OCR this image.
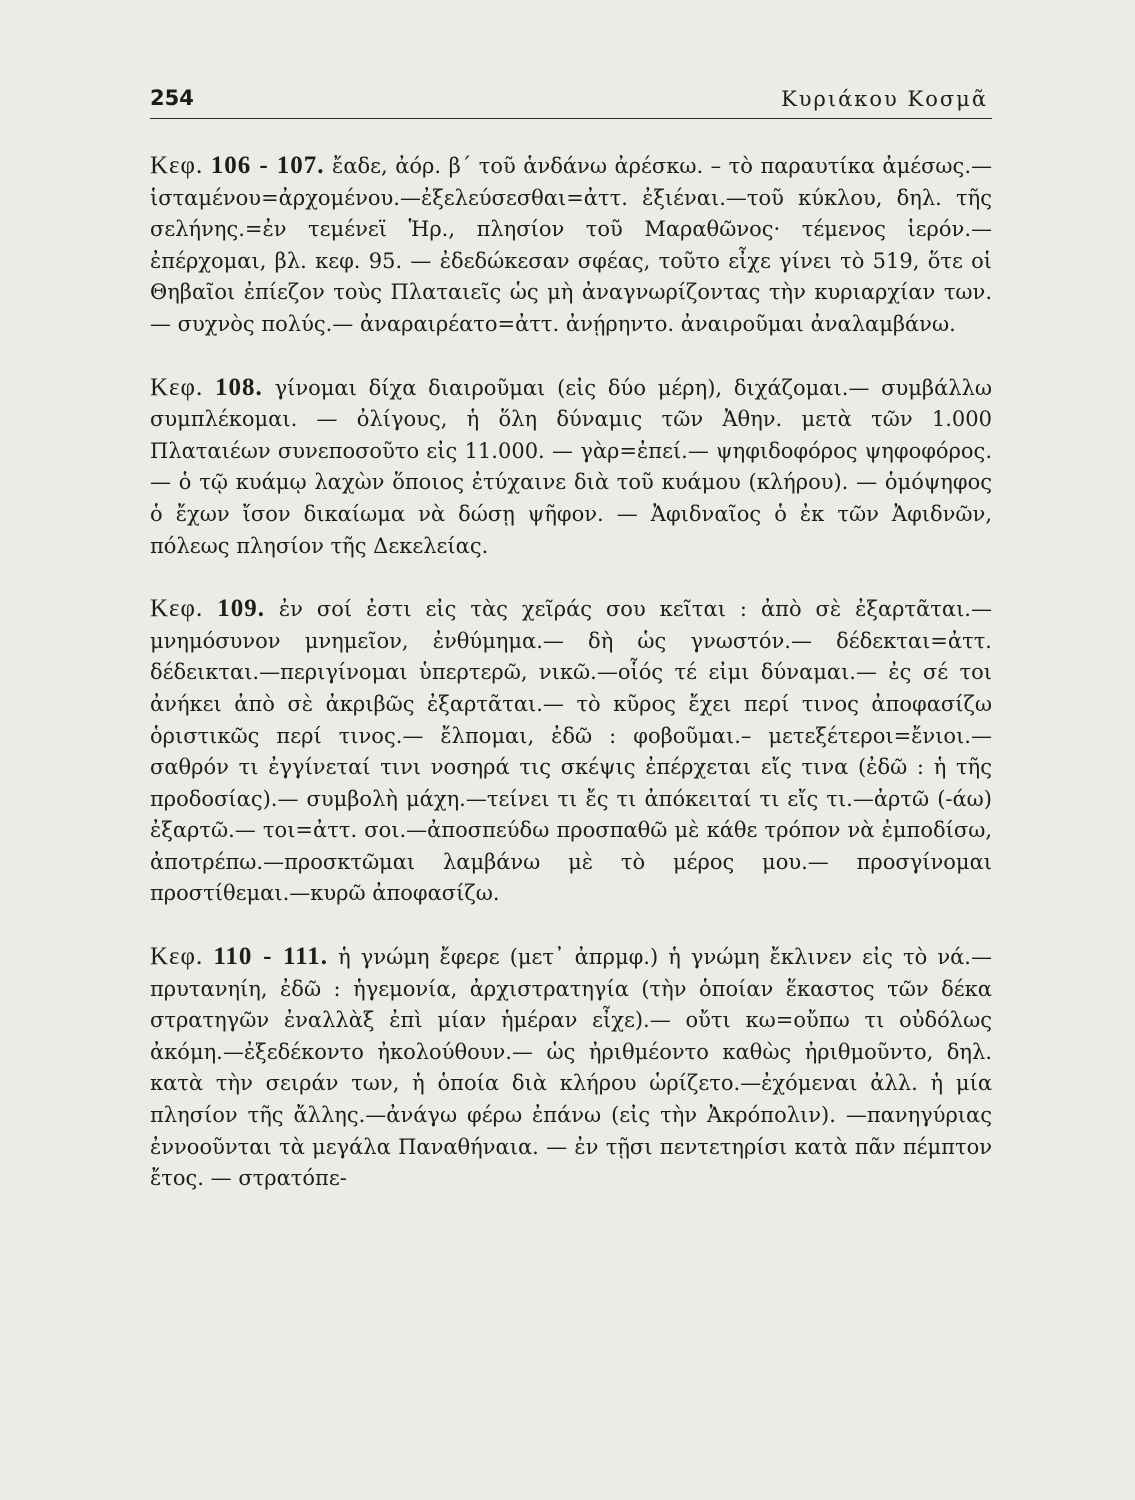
254	Κυριάκου Κοσμᾶ

Κεφ. 106 - 107. ἔαδε, ἀόρ. β΄ τοῦ ἁνδάνω ἀρέσκω. – τὸ παραυτίκα ἀμέσως.—ἱσταμένου=ἀρχομένου.—ἐξελεύσεσθαι=ἀττ. ἐξιέναι.—τοῦ κύκλου, δηλ. τῆς σελήνης.=ἐν τεμένεϊ Ἡρ., πλησίον τοῦ Μαραθῶνος· τέμενος ἱερόν.—ἐπέρχομαι, βλ. κεφ. 95. — ἐδεδώκεσαν σφέας, τοῦτο εἶχε γίνει τὸ 519, ὅτε οἱ Θηβαῖοι ἐπίεζον τοὺς Πλαταιεῖς ὡς μὴ ἀναγνωρίζοντας τὴν κυριαρχίαν των. — συχνὸς πολύς.— ἀναραιρέατο=ἀττ. ἀνῄρηντο. ἀναιροῦμαι ἀναλαμβάνω.

Κεφ. 108. γίνομαι δίχα διαιροῦμαι (εἰς δύο μέρη), διχάζομαι.— συμβάλλω συμπλέκομαι. — ὀλίγους, ἡ ὅλη δύναμις τῶν Ἀθην. μετὰ τῶν 1.000 Πλαταιέων συνεποσοῦτο εἰς 11.000. — γὰρ=ἐπεί.— ψηφιδοφόρος ψηφοφόρος. — ὁ τῷ κυάμῳ λαχὼν ὅποιος ἐτύχαινε διὰ τοῦ κυάμου (κλήρου). — ὁμόψηφος ὁ ἔχων ἴσον δικαίωμα νὰ δώσῃ ψῆφον. — Ἀφιδναῖος ὁ ἐκ τῶν Ἀφιδνῶν, πόλεως πλησίον τῆς Δεκελείας.

Κεφ. 109. ἐν σοί ἐστι εἰς τὰς χεῖράς σου κεῖται : ἀπὸ σὲ ἐξαρτᾶται.— μνημόσυνον μνημεῖον, ἐνθύμημα.— δὴ ὡς γνωστόν.— δέδεκται=ἀττ. δέδεικται.—περιγίνομαι ὑπερτερῶ, νικῶ.—οἷός τέ εἰμι δύναμαι.— ἐς σέ τοι ἀνήκει ἀπὸ σὲ ἀκριβῶς ἐξαρτᾶται.— τὸ κῦρος ἔχει περί τινος ἀποφασίζω ὁριστικῶς περί τινος.— ἔλπομαι, ἐδῶ : φοβοῦμαι.– μετεξέτεροι=ἔνιοι.—σαθρόν τι ἐγγίνεταί τινι νοσηρά τις σκέψις ἐπέρχεται εἴς τινα (ἐδῶ : ἡ τῆς προδοσίας).— συμβολὴ μάχη.—τείνει τι ἔς τι ἀπόκειταί τι εἴς τι.—ἀρτῶ (-άω) ἐξαρτῶ.— τοι=ἀττ. σοι.—ἀποσπεύδω προσπαθῶ μὲ κάθε τρόπον νὰ ἐμποδίσω, ἀποτρέπω.—προσκτῶμαι λαμβάνω μὲ τὸ μέρος μου.— προσγίνομαι προστίθεμαι.—κυρῶ ἀποφασίζω.

Κεφ. 110 - 111. ἡ γνώμη ἔφερε (μετ᾽ ἀπρμφ.) ἡ γνώμη ἔκλινεν εἰς τὸ νά.—πρυτανηίη, ἐδῶ : ἡγεμονία, ἀρχιστρατηγία (τὴν ὁποίαν ἕκαστος τῶν δέκα στρατηγῶν ἐναλλὰξ ἐπὶ μίαν ἡμέραν εἶχε).— οὔτι κω=οὔπω τι οὐδόλως ἀκόμη.—ἐξεδέκοντο ἠκολούθουν.— ὡς ἠριθμέοντο καθὼς ἠριθμοῦντο, δηλ. κατὰ τὴν σειράν των, ἡ ὁποία διὰ κλήρου ὡρίζετο.—ἐχόμεναι ἀλλ. ἡ μία πλησίον τῆς ἄλλης.—ἀνάγω φέρω ἐπάνω (εἰς τὴν Ἀκρόπολιν). —πανηγύριας ἐννοοῦνται τὰ μεγάλα Παναθήναια. — ἐν τῇσι πεντετηρίσι κατὰ πᾶν πέμπτον ἔτος. — στρατόπε-
